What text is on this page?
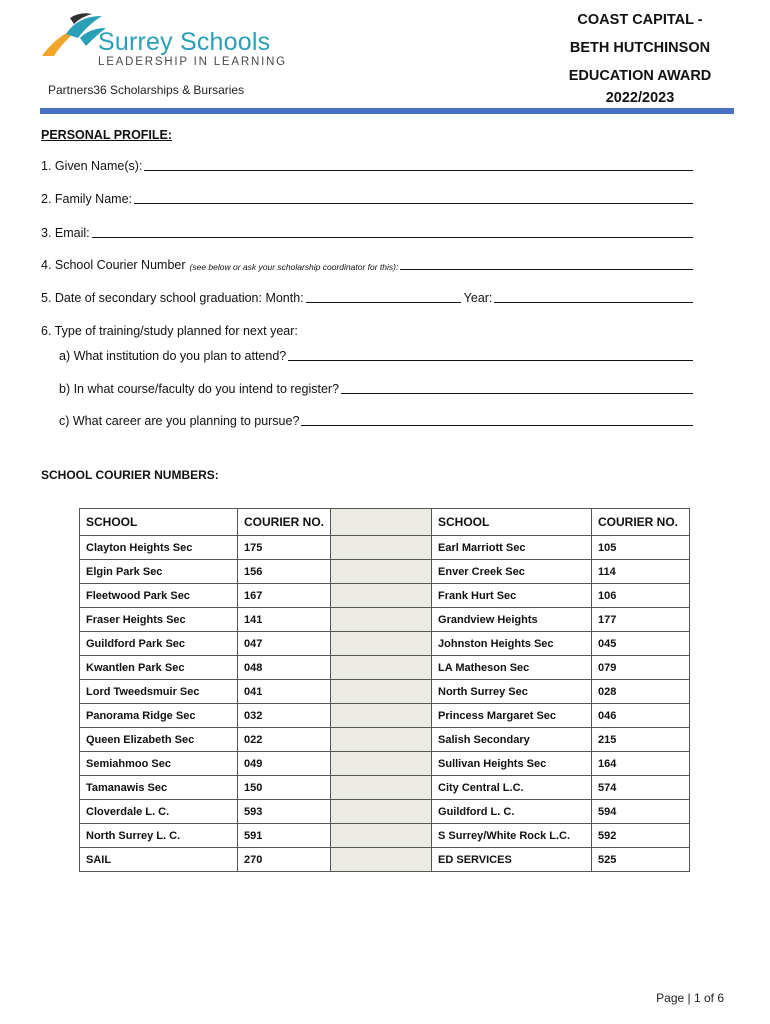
Surrey Schools
LEADERSHIP IN LEARNING
Partners36 Scholarships & Bursaries
COAST CAPITAL -
BETH HUTCHINSON
EDUCATION AWARD
2022/2023
PERSONAL PROFILE:
1. Given Name(s):
2. Family Name:
3. Email:
4. School Courier Number (see below or ask your scholarship coordinator for this):
5. Date of secondary school graduation: Month:	Year:
6. Type of training/study planned for next year:
a) What institution do you plan to attend?
b) In what course/faculty do you intend to register?
c) What career are you planning to pursue?
SCHOOL COURIER NUMBERS:
SCHOOL	COURIER NO.		SCHOOL	COURIER NO.
Clayton Heights Sec	175		Earl Marriott Sec	105
Elgin Park Sec	156		Enver Creek Sec	114
Fleetwood Park Sec	167		Frank Hurt Sec	106
Fraser Heights Sec	141		Grandview Heights	177
Guildford Park Sec	047		Johnston Heights Sec	045
Kwantlen Park Sec	048		LA Matheson Sec	079
Lord Tweedsmuir Sec	041		North Surrey Sec	028
Panorama Ridge Sec	032		Princess Margaret Sec	046
Queen Elizabeth Sec	022		Salish Secondary	215
Semiahmoo Sec	049		Sullivan Heights Sec	164
Tamanawis Sec	150		City Central L.C.	574
Cloverdale L. C.	593		Guildford L. C.	594
North Surrey L. C.	591		S Surrey/White Rock L.C.	592
SAIL	270		ED SERVICES	525
Page | 1 of 6
